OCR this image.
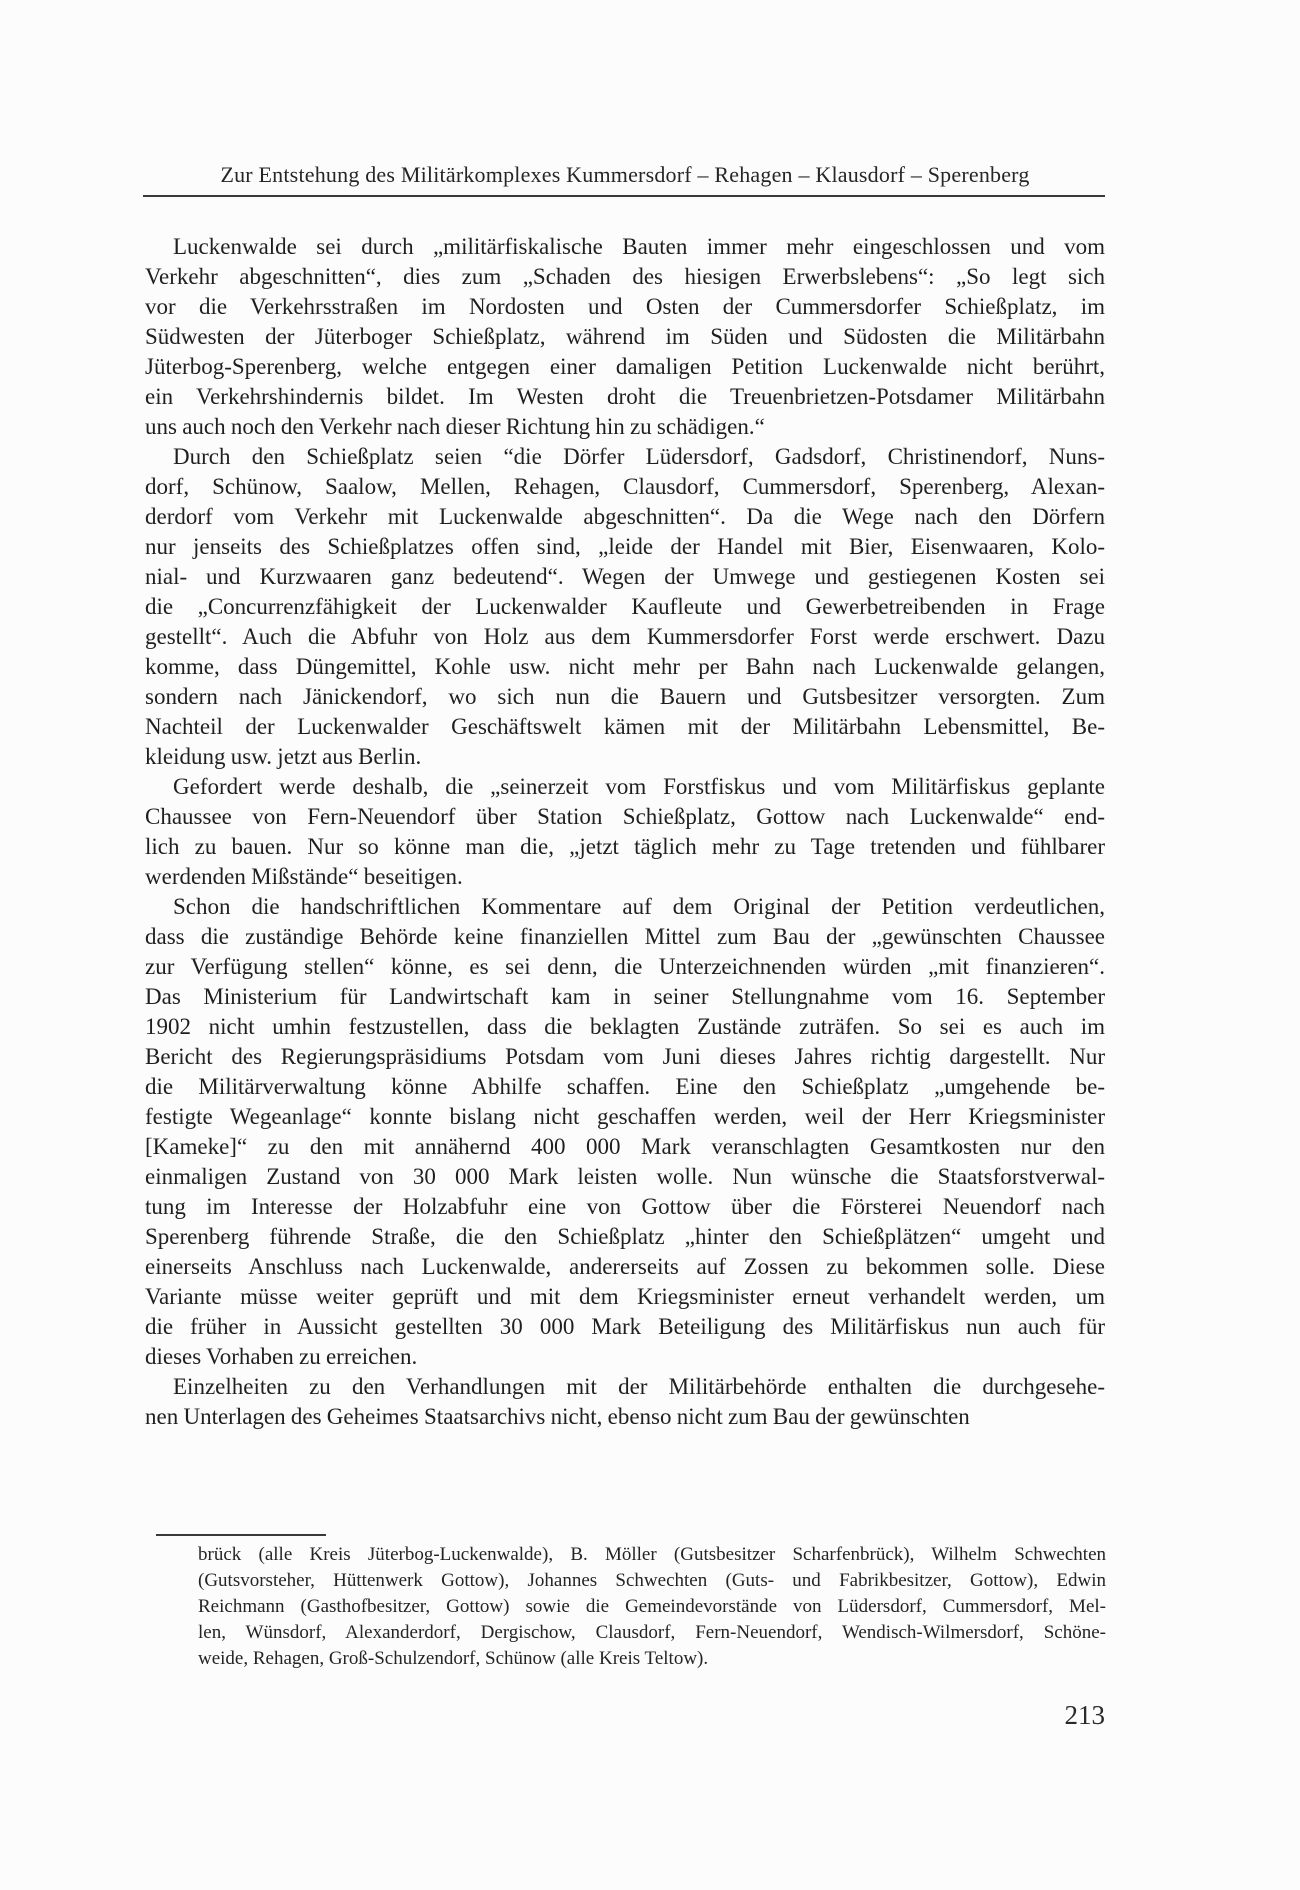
Zur Entstehung des Militärkomplexes Kummersdorf – Rehagen – Klausdorf – Sperenberg
Luckenwalde sei durch „militärfiskalische Bauten immer mehr eingeschlossen und vom
Verkehr abgeschnitten“, dies zum „Schaden des hiesigen Erwerbslebens“: „So legt sich
vor die Verkehrsstraßen im Nordosten und Osten der Cummersdorfer Schießplatz, im
Südwesten der Jüterboger Schießplatz, während im Süden und Südosten die Militärbahn
Jüterbog-Sperenberg, welche entgegen einer damaligen Petition Luckenwalde nicht berührt,
ein Verkehrshindernis bildet. Im Westen droht die Treuenbrietzen-Potsdamer Militärbahn
uns auch noch den Verkehr nach dieser Richtung hin zu schädigen.“
Durch den Schießplatz seien “die Dörfer Lüdersdorf, Gadsdorf, Christinendorf, Nuns-
dorf, Schünow, Saalow, Mellen, Rehagen, Clausdorf, Cummersdorf, Sperenberg, Alexan-
derdorf vom Verkehr mit Luckenwalde abgeschnitten“. Da die Wege nach den Dörfern
nur jenseits des Schießplatzes offen sind, „leide der Handel mit Bier, Eisenwaaren, Kolo-
nial- und Kurzwaaren ganz bedeutend“. Wegen der Umwege und gestiegenen Kosten sei
die „Concurrenzfähigkeit der Luckenwalder Kaufleute und Gewerbetreibenden in Frage
gestellt“. Auch die Abfuhr von Holz aus dem Kummersdorfer Forst werde erschwert. Dazu
komme, dass Düngemittel, Kohle usw. nicht mehr per Bahn nach Luckenwalde gelangen,
sondern nach Jänickendorf, wo sich nun die Bauern und Gutsbesitzer versorgten. Zum
Nachteil der Luckenwalder Geschäftswelt kämen mit der Militärbahn Lebensmittel, Be-
kleidung usw. jetzt aus Berlin.
Gefordert werde deshalb, die „seinerzeit vom Forstfiskus und vom Militärfiskus geplante
Chaussee von Fern-Neuendorf über Station Schießplatz, Gottow nach Luckenwalde“ end-
lich zu bauen. Nur so könne man die, „jetzt täglich mehr zu Tage tretenden und fühlbarer
werdenden Mißstände“ beseitigen.
Schon die handschriftlichen Kommentare auf dem Original der Petition verdeutlichen,
dass die zuständige Behörde keine finanziellen Mittel zum Bau der „gewünschten Chaussee
zur Verfügung stellen“ könne, es sei denn, die Unterzeichnenden würden „mit finanzieren“.
Das Ministerium für Landwirtschaft kam in seiner Stellungnahme vom 16. September
1902 nicht umhin festzustellen, dass die beklagten Zustände zuträfen. So sei es auch im
Bericht des Regierungspräsidiums Potsdam vom Juni dieses Jahres richtig dargestellt. Nur
die Militärverwaltung könne Abhilfe schaffen. Eine den Schießplatz „umgehende be-
festigte Wegeanlage“ konnte bislang nicht geschaffen werden, weil der Herr Kriegsminister
[Kameke]“ zu den mit annähernd 400 000 Mark veranschlagten Gesamtkosten nur den
einmaligen Zustand von 30 000 Mark leisten wolle. Nun wünsche die Staatsforstverwal-
tung im Interesse der Holzabfuhr eine von Gottow über die Försterei Neuendorf nach
Sperenberg führende Straße, die den Schießplatz „hinter den Schießplätzen“ umgeht und
einerseits Anschluss nach Luckenwalde, andererseits auf Zossen zu bekommen solle. Diese
Variante müsse weiter geprüft und mit dem Kriegsminister erneut verhandelt werden, um
die früher in Aussicht gestellten 30 000 Mark Beteiligung des Militärfiskus nun auch für
dieses Vorhaben zu erreichen.
Einzelheiten zu den Verhandlungen mit der Militärbehörde enthalten die durchgesehe-
nen Unterlagen des Geheimes Staatsarchivs nicht, ebenso nicht zum Bau der gewünschten
brück (alle Kreis Jüterbog-Luckenwalde), B. Möller (Gutsbesitzer Scharfenbrück), Wilhelm Schwechten
(Gutsvorsteher, Hüttenwerk Gottow), Johannes Schwechten (Guts- und Fabrikbesitzer, Gottow), Edwin
Reichmann (Gasthofbesitzer, Gottow) sowie die Gemeindevorstände von Lüdersdorf, Cummersdorf, Mel-
len, Wünsdorf, Alexanderdorf, Dergischow, Clausdorf, Fern-Neuendorf, Wendisch-Wilmersdorf, Schöne-
weide, Rehagen, Groß-Schulzendorf, Schünow (alle Kreis Teltow).
213
